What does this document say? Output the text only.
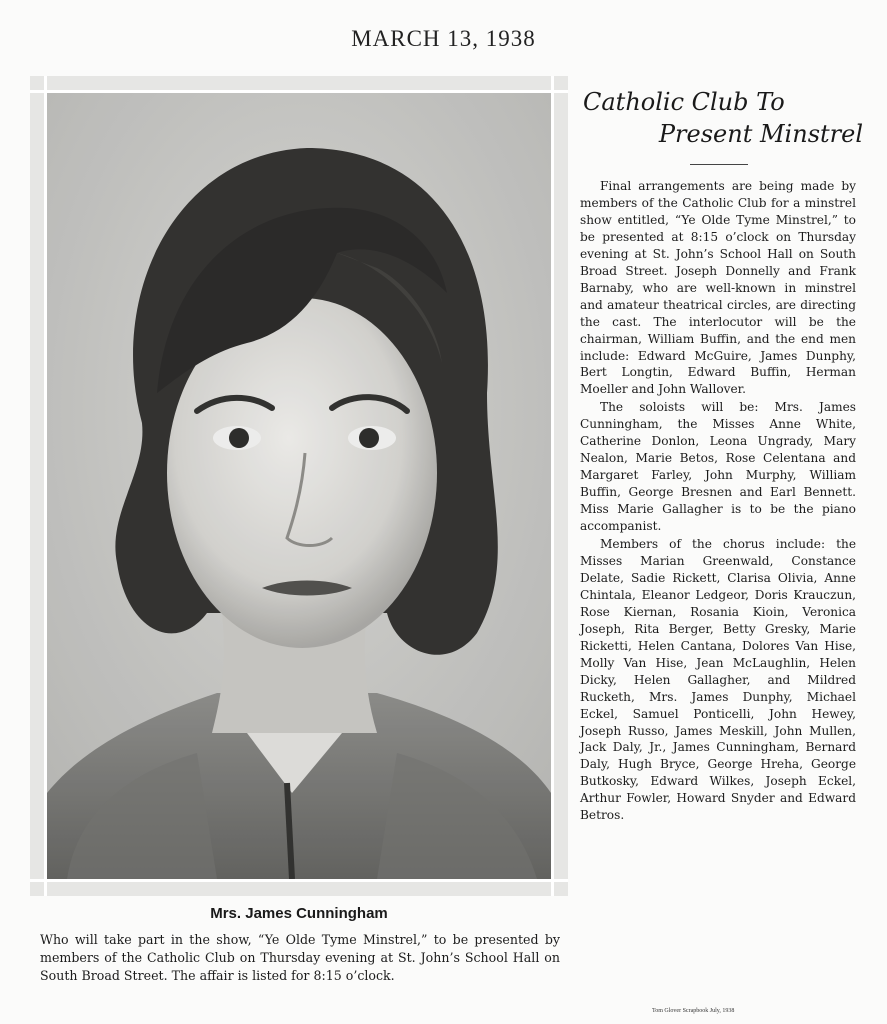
MARCH 13, 1938
Mrs. James Cunningham
Who will take part in the show, “Ye Olde Tyme Minstrel,” to be presented by members of the Catholic Club on Thursday evening at St. John’s School Hall on South Broad Street. The affair is listed for 8:15 o’clock.
Catholic Club To
Present Minstrel

Final arrangements are being made by members of the Catholic Club for a minstrel show entitled, “Ye Olde Tyme Minstrel,” to be presented at 8:15 o’clock on Thursday evening at St. John’s School Hall on South Broad Street. Joseph Donnelly and Frank Barnaby, who are well-known in minstrel and amateur theatrical circles, are directing the cast. The interlocutor will be the chairman, William Buffin, and the end men include: Edward McGuire, James Dunphy, Bert Longtin, Edward Buffin, Herman Moeller and John Wallover.

The soloists will be: Mrs. James Cunningham, the Misses Anne White, Catherine Donlon, Leona Ungrady, Mary Nealon, Marie Betos, Rose Celentana and Margaret Farley, John Murphy, William Buffin, George Bresnen and Earl Bennett. Miss Marie Gallagher is to be the piano accompanist.

Members of the chorus include: the Misses Marian Greenwald, Constance Delate, Sadie Rickett, Clarisa Olivia, Anne Chintala, Eleanor Ledgeor, Doris Krauczun, Rose Kiernan, Rosania Kioin, Veronica Joseph, Rita Berger, Betty Gresky, Marie Ricketti, Helen Cantana, Dolores Van Hise, Molly Van Hise, Jean McLaughlin, Helen Dicky, Helen Gallagher, and Mildred Rucketh, Mrs. James Dunphy, Michael Eckel, Samuel Ponticelli, John Hewey, Joseph Russo, James Meskill, John Mullen, Jack Daly, Jr., James Cunningham, Bernard Daly, Hugh Bryce, George Hreha, George Butkosky, Edward Wilkes, Joseph Eckel, Arthur Fowler, Howard Snyder and Edward Betros.

Tom Glover Scrapbook July, 1938
